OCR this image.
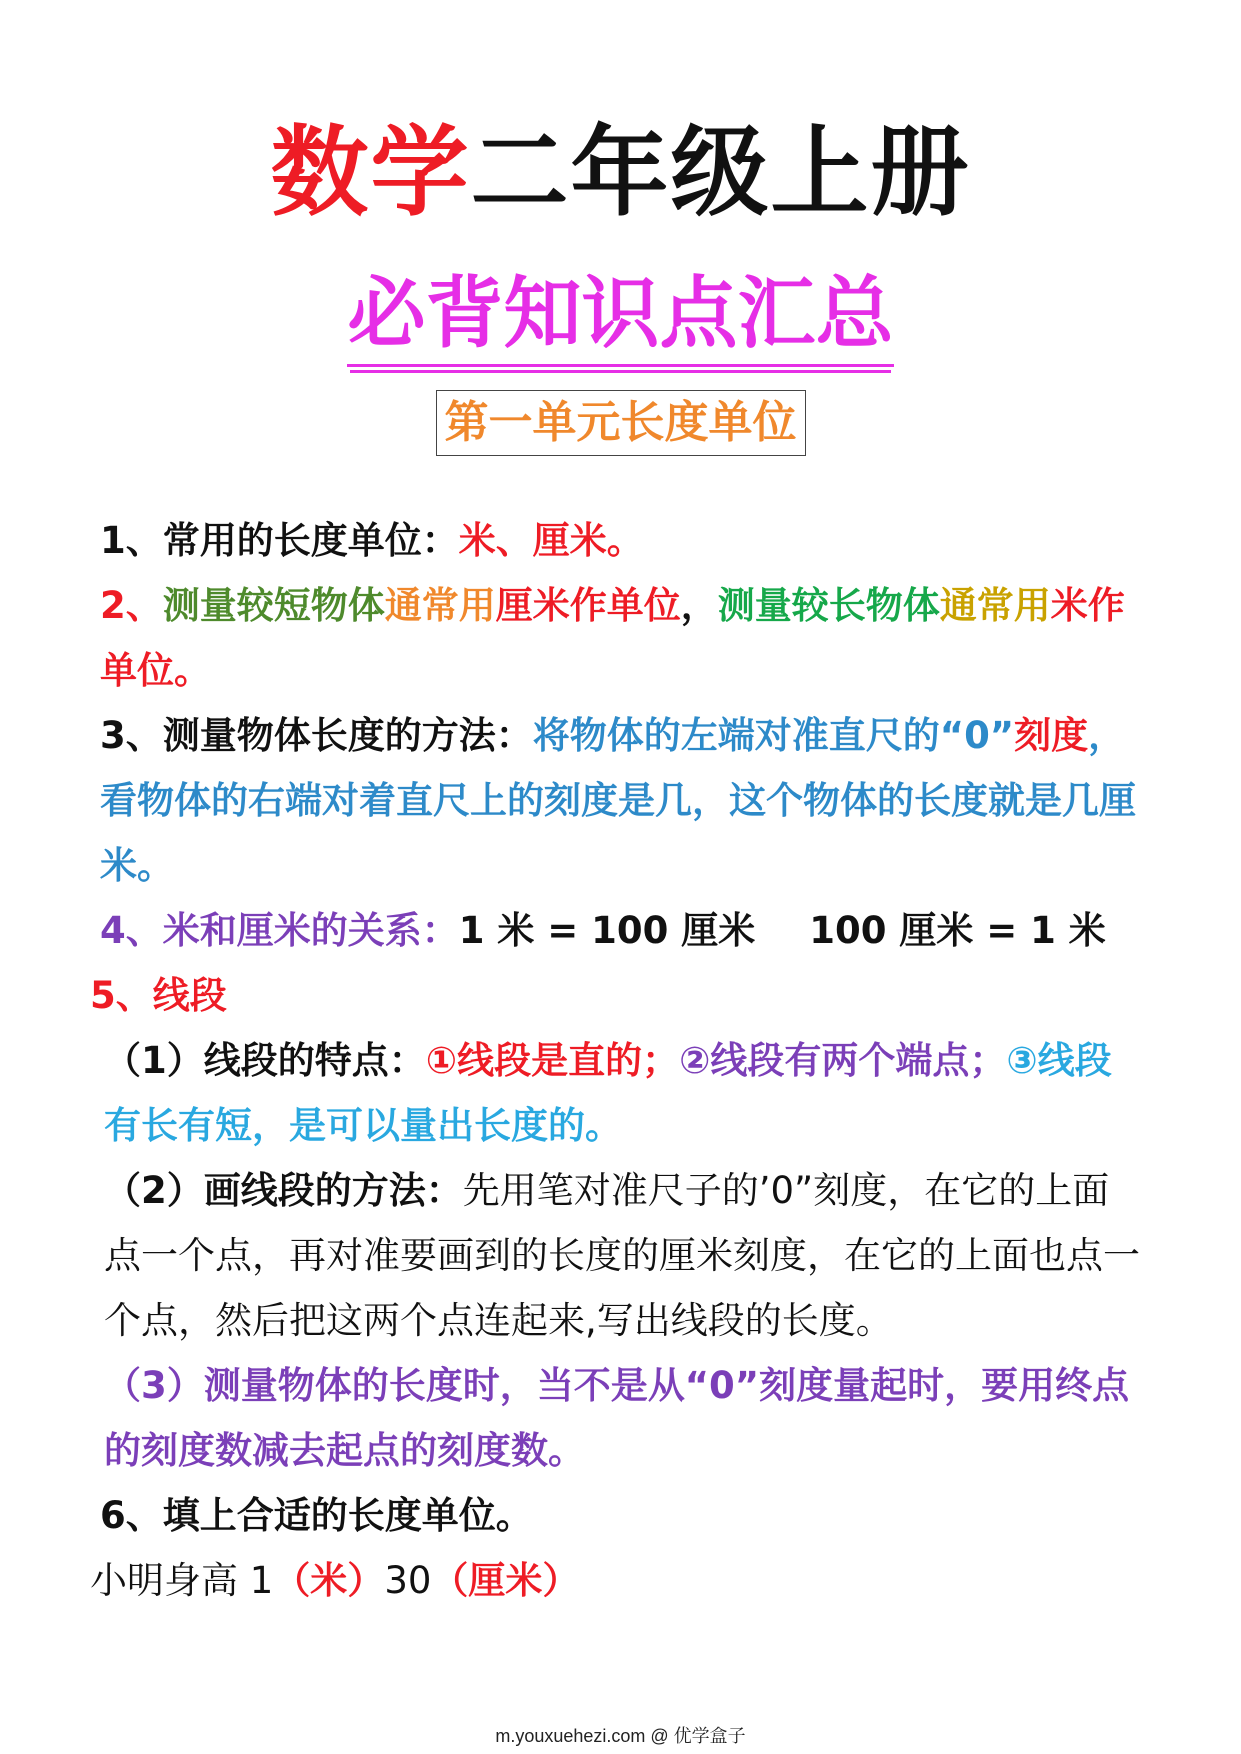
数学二年级上册
必背知识点汇总
第一单元长度单位

1、常用的长度单位：米、厘米。

2、测量较短物体通常用厘米作单位，测量较长物体通常用米作单位。

3、测量物体长度的方法：将物体的左端对准直尺的“0”刻度，看物体的右端对着直尺上的刻度是几，这个物体的长度就是几厘米。

4、米和厘米的关系：1 米 = 100 厘米 100 厘米 = 1 米

5、线段

（1）线段的特点：①线段是直的；②线段有两个端点；③线段有长有短，是可以量出长度的。

（2）画线段的方法：先用笔对准尺子的’0”刻度，在它的上面点一个点，再对准要画到的长度的厘米刻度，在它的上面也点一个点，然后把这两个点连起来,写出线段的长度。

（3）测量物体的长度时，当不是从“0”刻度量起时，要用终点的刻度数减去起点的刻度数。

6、填上合适的长度单位。

小明身高 1（米）30（厘米）

m.youxuehezi.com @ 优学盒子
